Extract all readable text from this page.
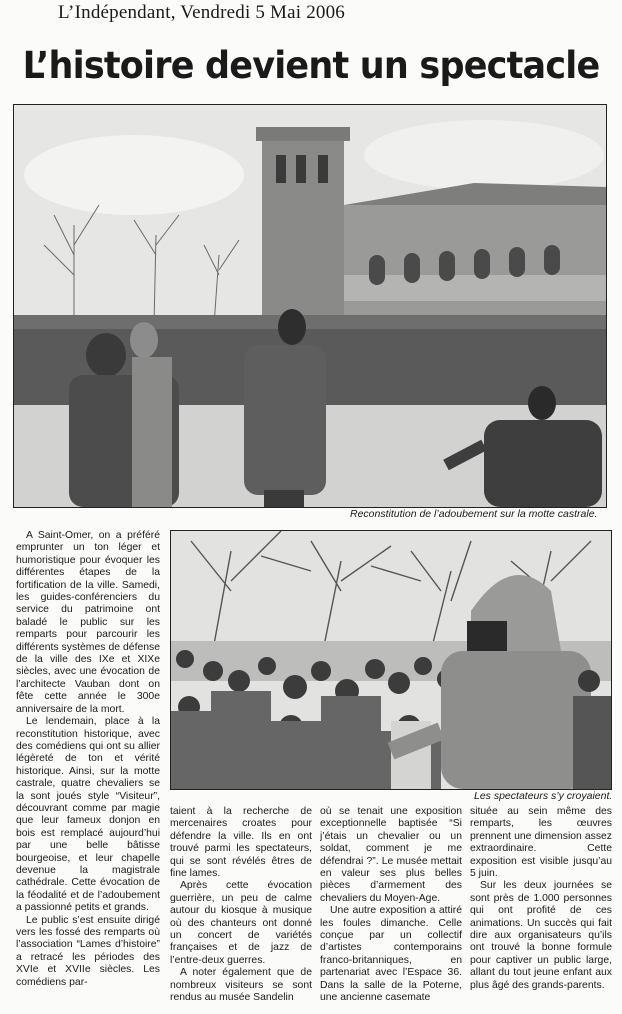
L’Indépendant, Vendredi 5 Mai 2006
L’histoire devient un spectacle
Reconstitution de l’adoubement sur la motte castrale.
Les spectateurs s’y croyaient.

A Saint-Omer, on a préféré emprunter un ton léger et humoristique pour évoquer les différentes étapes de la fortification de la ville. Samedi, les guides-conférenciers du service du patrimoine ont baladé le public sur les remparts pour parcourir les différents systèmes de défense de la ville des IXe et XIXe siècles, avec une évocation de l’architecte Vauban dont on fête cette année le 300e anniversaire de la mort.

Le lendemain, place à la reconstitution historique, avec des comédiens qui ont su allier légèreté de ton et vérité historique. Ainsi, sur la motte castrale, quatre chevaliers se la sont joués style “Visiteur”, découvrant comme par magie que leur fameux donjon en bois est remplacé aujourd’hui par une belle bâtisse bourgeoise, et leur chapelle devenue la magistrale cathédrale. Cette évocation de la féodalité et de l’adoubement a passionné petits et grands.

Le public s’est ensuite dirigé vers les fossé des remparts où l’association “Lames d’histoire” a retracé les périodes des XVIe et XVIIe siècles. Les comédiens par-

taient à la recherche de mercenaires croates pour défendre la ville. Ils en ont trouvé parmi les spectateurs, qui se sont révélés êtres de fine lames.

Après cette évocation guerrière, un peu de calme autour du kiosque à musique où des chanteurs ont donné un concert de variétés françaises et de jazz de l’entre-deux guerres.

A noter également que de nombreux visiteurs se sont rendus au musée Sandelin

où se tenait une exposition exceptionnelle baptisée “Si j’étais un chevalier ou un soldat, comment je me défendrai ?”. Le musée mettait en valeur ses plus belles pièces d’armement des chevaliers du Moyen-Age.

Une autre exposition a attiré les foules dimanche. Celle conçue par un collectif d’artistes contemporains franco-britanniques, en partenariat avec l’Espace 36. Dans la salle de la Poterne, une ancienne casemate

située au sein même des remparts, les œuvres prennent une dimension assez extraordinaire. Cette exposition est visible jusqu’au 5 juin.

Sur les deux journées se sont près de 1.000 personnes qui ont profité de ces animations. Un succès qui fait dire aux organisateurs qu’ils ont trouvé la bonne formule pour captiver un public large, allant du tout jeune enfant aux plus âgé des grands-parents.
